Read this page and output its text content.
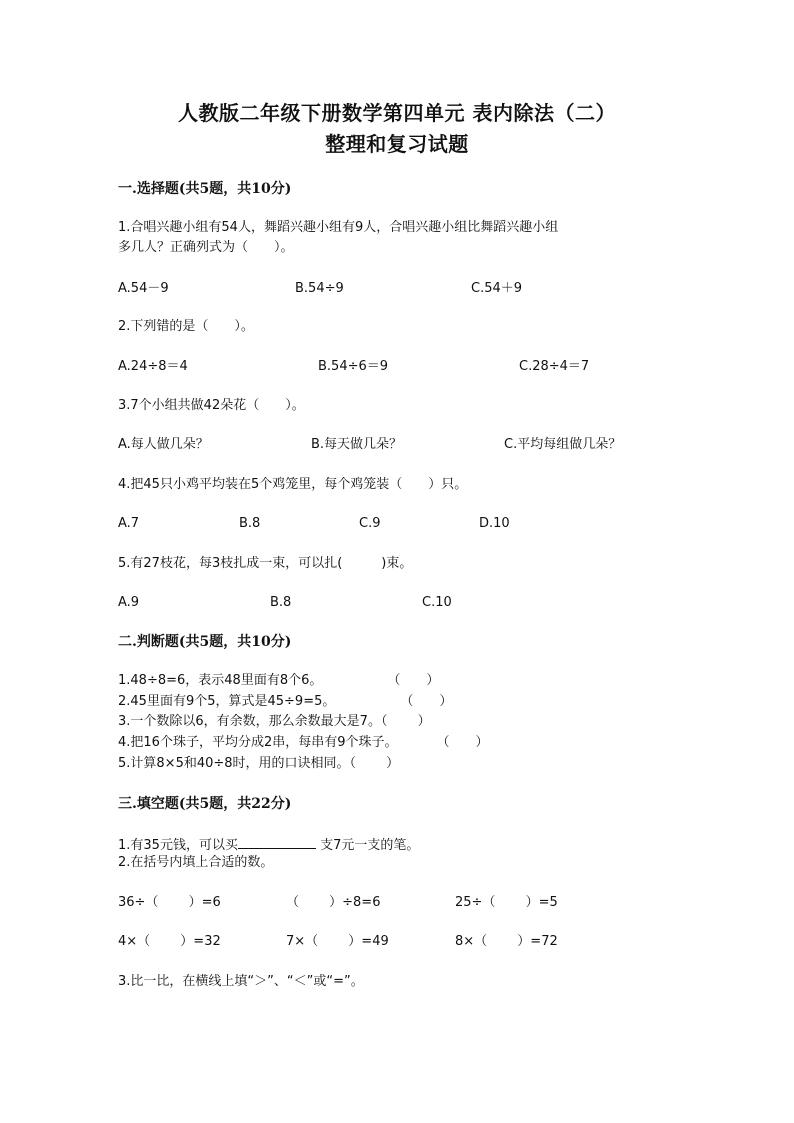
人教版二年级下册数学第四单元 表内除法（二）
整理和复习试题
一.选择题(共5题，共10分)
1.合唱兴趣小组有54人，舞蹈兴趣小组有9人，合唱兴趣小组比舞蹈兴趣小组
多几人？正确列式为（　　）。
A.54－9	B.54÷9	C.54＋9
2.下列错的是（　　）。
A.24÷8＝4	B.54÷6＝9	C.28÷4＝7
3.7个小组共做42朵花（　　）。
A.每人做几朵？	B.每天做几朵？	C.平均每组做几朵？
4.把45只小鸡平均装在5个鸡笼里，每个鸡笼装（　　）只。
A.7	B.8	C.9	D.10
5.有27枝花，每3枝扎成一束，可以扎(　　　)束。
A.9	B.8	C.10
二.判断题(共5题，共10分)
1.48÷8=6，表示48里面有8个6。　　　　　　（　　）
2.45里面有9个5，算式是45÷9=5。　　　　　　（　　）
3.一个数除以6，有余数，那么余数最大是7。（　　 ）
4.把16个珠子，平均分成2串，每串有9个珠子。　　　　（　　）
5.计算8×5和40÷8时，用的口诀相同。（　　 ）
三.填空题(共5题，共22分)
1.有35元钱，可以买	支7元一支的笔。
2.在括号内填上合适的数。
36÷（　　 ）=6	（　　 ）÷8=6	25÷（　　 ）=5
4×（　　 ）=32	7×（　　 ）=49	8×（　　 ）=72
3.比一比，在横线上填“＞”、“＜”或“=”。
